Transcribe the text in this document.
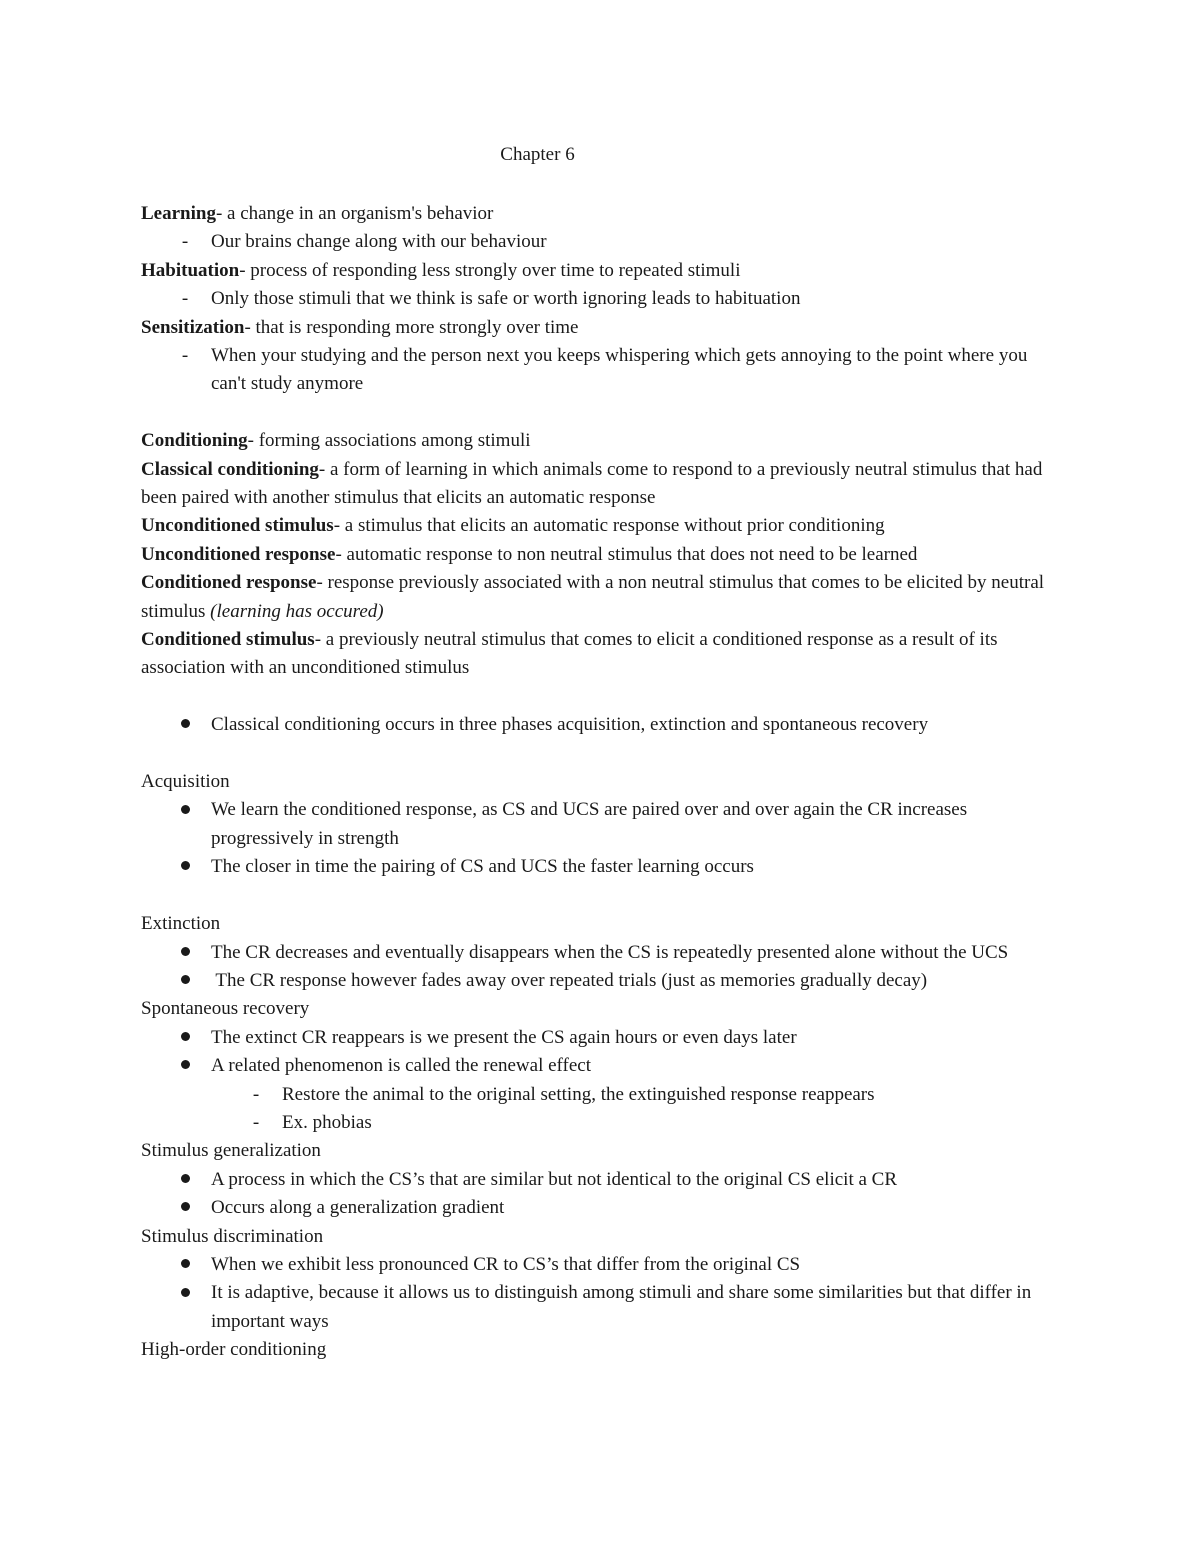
Chapter 6
Learning- a change in an organism's behavior
-	Our brains change along with our behaviour
Habituation- process of responding less strongly over time to repeated stimuli
-	Only those stimuli that we think is safe or worth ignoring leads to habituation
Sensitization- that is responding more strongly over time
-	When your studying and the person next you keeps whispering which gets annoying to the point where you can't study anymore
Conditioning- forming associations among stimuli
Classical conditioning- a form of learning in which animals come to respond to a previously neutral stimulus that had been paired with another stimulus that elicits an automatic response
Unconditioned stimulus- a stimulus that elicits an automatic response without prior conditioning
Unconditioned response- automatic response to non neutral stimulus that does not need to be learned
Conditioned response- response previously associated with a non neutral stimulus that comes to be elicited by neutral stimulus (learning has occured)
Conditioned stimulus- a previously neutral stimulus that comes to elicit a conditioned response as a result of its association with an unconditioned stimulus
Classical conditioning occurs in three phases acquisition, extinction and spontaneous recovery
Acquisition
We learn the conditioned response, as CS and UCS are paired over and over again the CR increases progressively in strength
The closer in time the pairing of CS and UCS the faster learning occurs
Extinction
The CR decreases and eventually disappears when the CS is repeatedly presented alone without the UCS
The CR response however fades away over repeated trials (just as memories gradually decay)
Spontaneous recovery
The extinct CR reappears is we present the CS again hours or even days later
A related phenomenon is called the renewal effect
-	Restore the animal to the original setting, the extinguished response reappears
-	Ex. phobias
Stimulus generalization
A process in which the CS’s that are similar but not identical to the original CS elicit a CR
Occurs along a generalization gradient
Stimulus discrimination
When we exhibit less pronounced CR to CS’s that differ from the original CS
It is adaptive, because it allows us to distinguish among stimuli and share some similarities but that differ in important ways
High-order conditioning
